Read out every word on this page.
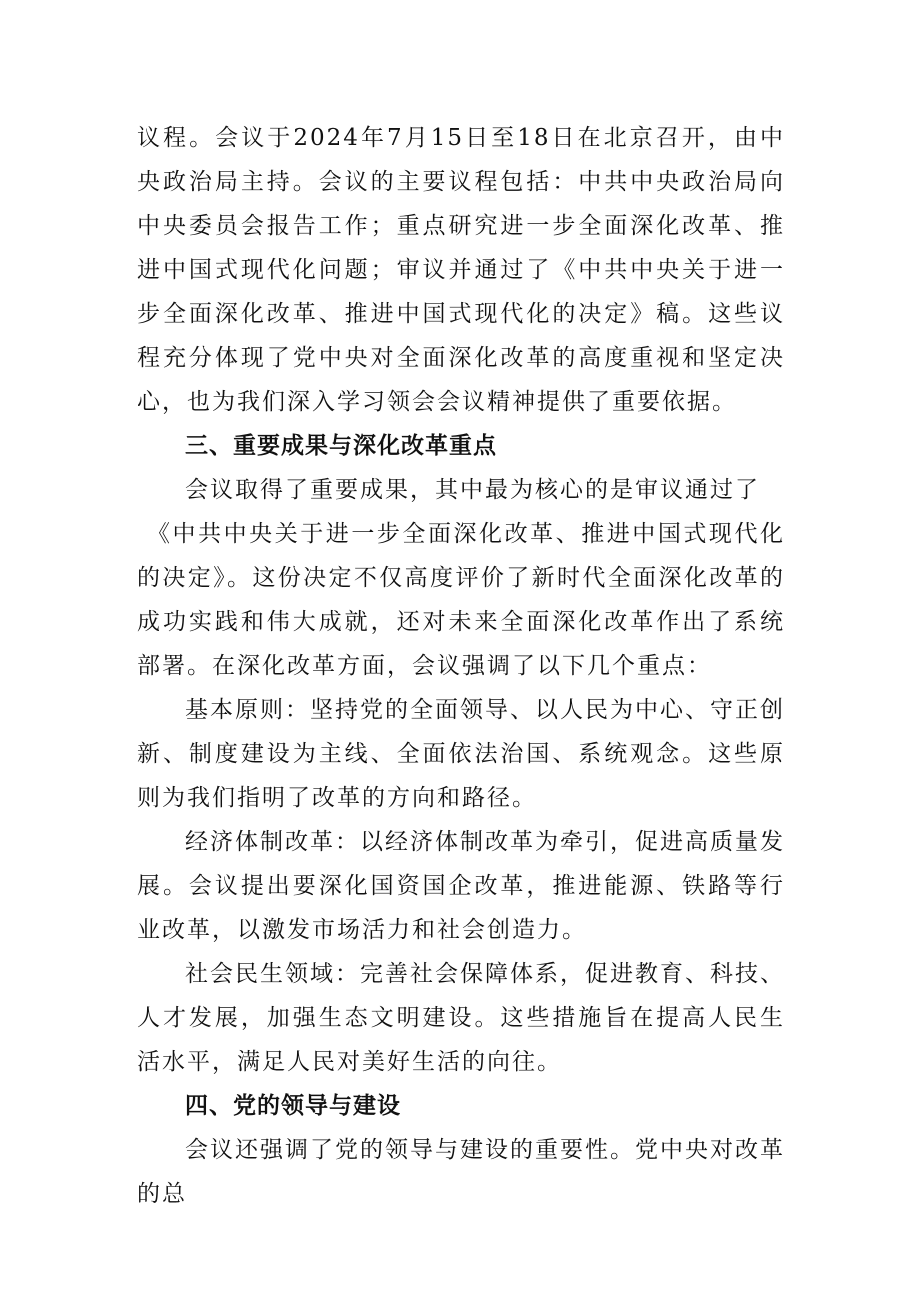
议程。会议于2024年7月15日至18日在北京召开，由中央政治局主持。会议的主要议程包括：中共中央政治局向中央委员会报告工作；重点研究进一步全面深化改革、推进中国式现代化问题；审议并通过了《中共中央关于进一步全面深化改革、推进中国式现代化的决定》稿。这些议程充分体现了党中央对全面深化改革的高度重视和坚定决心，也为我们深入学习领会会议精神提供了重要依据。

三、重要成果与深化改革重点

会议取得了重要成果，其中最为核心的是审议通过了

《中共中央关于进一步全面深化改革、推进中国式现代化的决定》。这份决定不仅高度评价了新时代全面深化改革的成功实践和伟大成就，还对未来全面深化改革作出了系统部署。在深化改革方面，会议强调了以下几个重点：

基本原则：坚持党的全面领导、以人民为中心、守正创新、制度建设为主线、全面依法治国、系统观念。这些原则为我们指明了改革的方向和路径。

经济体制改革：以经济体制改革为牵引，促进高质量发展。会议提出要深化国资国企改革，推进能源、铁路等行业改革，以激发市场活力和社会创造力。

社会民生领域：完善社会保障体系，促进教育、科技、人才发展，加强生态文明建设。这些措施旨在提高人民生活水平，满足人民对美好生活的向往。

四、党的领导与建设

会议还强调了党的领导与建设的重要性。党中央对改革的总
